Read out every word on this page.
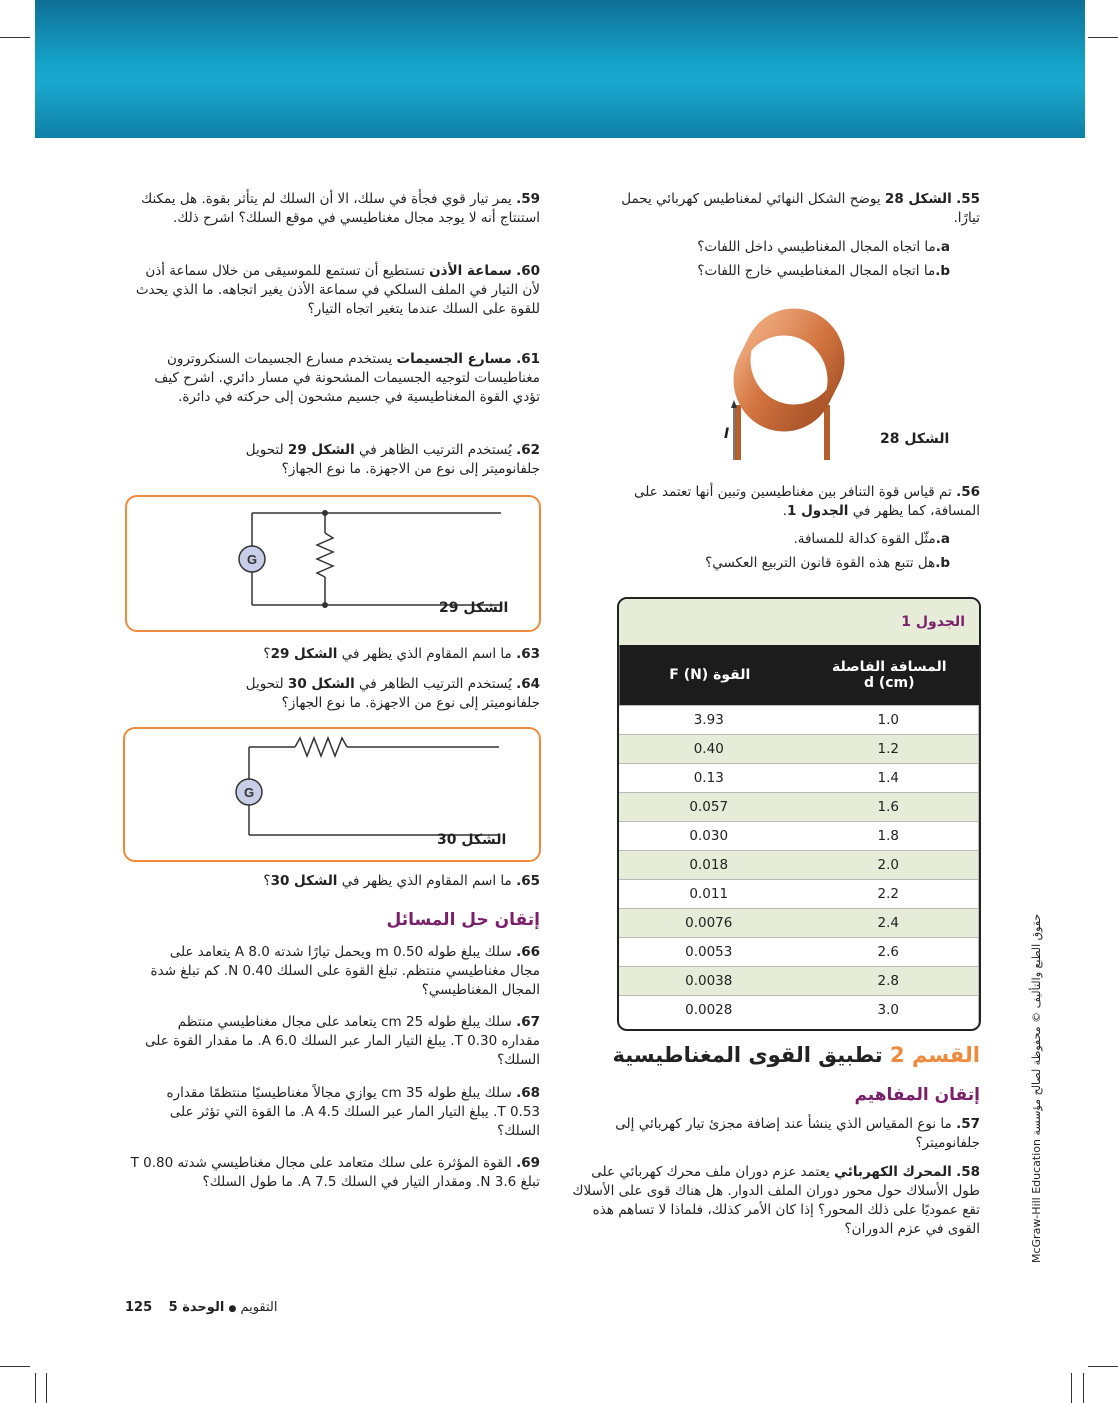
55. الشكل 28 يوضح الشكل النهائي لمغناطيس كهربائي يحمل تيارًا.
a.ما اتجاه المجال المغناطيسي داخل اللفات؟
b.ما اتجاه المجال المغناطيسي خارج اللفات؟
I	الشكل 28
56. تم قياس قوة التنافر بين مغناطيسين وتبين أنها تعتمد على المسافة، كما يظهر في الجدول 1.
a.مثّل القوة كدالة للمسافة.
b.هل تتبع هذه القوة قانون التربيع العكسي؟
الجدول 1
القوة F (N)	المسافة الفاصلة
d (cm)
3.93	1.0
0.40	1.2
0.13	1.4
0.057	1.6
0.030	1.8
0.018	2.0
0.011	2.2
0.0076	2.4
0.0053	2.6
0.0038	2.8
0.0028	3.0
القسم 2 تطبيق القوى المغناطيسية
إتقان المفاهيم
57. ما نوع المقياس الذي ينشأ عند إضافة مجزئ تيار كهربائي إلى جلفانوميتر؟
58. المحرك الكهربائي يعتمد عزم دوران ملف محرك كهربائي على طول الأسلاك حول محور دوران الملف الدوار. هل هناك قوى على الأسلاك تقع عموديًا على ذلك المحور؟ إذا كان الأمر كذلك، فلماذا لا تساهم هذه القوى في عزم الدوران؟	حقوق الطبع والتأليف © محفوظة لصالح مؤسسة McGraw-Hill Education
59. يمر تيار قوي فجأة في سلك، الا أن السلك لم يتأثر بقوة. هل يمكنك استنتاج أنه لا يوجد مجال مغناطيسي في موقع السلك؟ اشرح ذلك.
60. سماعة الأذن تستطيع أن تستمع للموسيقى من خلال سماعة أذن لأن التيار في الملف السلكي في سماعة الأذن يغير اتجاهه. ما الذي يحدث للقوة على السلك عندما يتغير اتجاه التيار؟
61. مسارع الجسيمات يستخدم مسارع الجسيمات السنكروترون مغناطيسات لتوجيه الجسيمات المشحونة في مسار دائري. اشرح كيف تؤدي القوة المغناطيسية في جسيم مشحون إلى حركته في دائرة.
62. يُستخدم الترتيب الظاهر في الشكل 29 لتحويل جلفانوميتر إلى نوع من الاجهزة. ما نوع الجهاز؟
G
الشكل 29
63. ما اسم المقاوم الذي يظهر في الشكل 29؟
64. يُستخدم الترتيب الظاهر في الشكل 30 لتحويل جلفانوميتر إلى نوع من الاجهزة. ما نوع الجهاز؟
G
الشكل 30
65. ما اسم المقاوم الذي يظهر في الشكل 30؟
إتقان حل المسائل
66. سلك يبلغ طوله 0.50 m ويحمل تيارًا شدته 8.0 A يتعامد على مجال مغناطيسي منتظم. تبلغ القوة على السلك 0.40 N. كم تبلغ شدة المجال المغناطيسي؟
67. سلك يبلغ طوله 25 cm يتعامد على مجال مغناطيسي منتظم مقداره 0.30 T. يبلغ التيار المار عبر السلك 6.0 A. ما مقدار القوة على السلك؟
68. سلك يبلغ طوله 35 cm يوازي مجالاً مغناطيسيًا منتظمًا مقداره 0.53 T. يبلغ التيار المار عبر السلك 4.5 A. ما القوة التي تؤثر على السلك؟
69. القوة المؤثرة على سلك متعامد على مجال مغناطيسي شدته 0.80 T تبلغ 3.6 N. ومقدار التيار في السلك 7.5 A. ما طول السلك؟
125	التقويم ● الوحدة 5
